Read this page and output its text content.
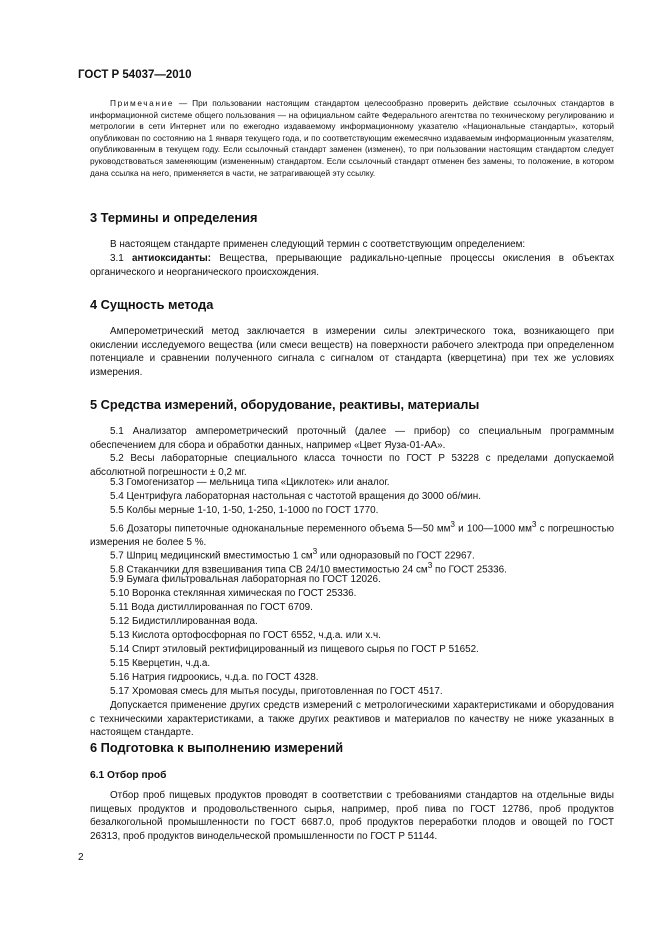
ГОСТ Р 54037—2010

Примечание — При пользовании настоящим стандартом целесообразно проверить действие ссылочных стандартов в информационной системе общего пользования — на официальном сайте Федерального агентства по техническому регулированию и метрологии в сети Интернет или по ежегодно издаваемому информационному указателю «Национальные стандарты», который опубликован по состоянию на 1 января текущего года, и по соответствующим ежемесячно издаваемым информационным указателям, опубликованным в текущем году. Если ссылочный стандарт заменен (изменен), то при пользовании настоящим стандартом следует руководствоваться заменяющим (измененным) стандартом. Если ссылочный стандарт отменен без замены, то положение, в котором дана ссылка на него, применяется в части, не затрагивающей эту ссылку.

3 Термины и определения

В настоящем стандарте применен следующий термин с соответствующим определением:

3.1 антиоксиданты: Вещества, прерывающие радикально-цепные процессы окисления в объектах органического и неорганического происхождения.

4 Сущность метода

Амперометрический метод заключается в измерении силы электрического тока, возникающего при окислении исследуемого вещества (или смеси веществ) на поверхности рабочего электрода при определенном потенциале и сравнении полученного сигнала с сигналом от стандарта (кверцетина) при тех же условиях измерения.

5 Средства измерений, оборудование, реактивы, материалы

5.1 Анализатор амперометрический проточный (далее — прибор) со специальным программным обеспечением для сбора и обработки данных, например «Цвет Яуза-01-АА».

5.2 Весы лабораторные специального класса точности по ГОСТ Р 53228 с пределами допускаемой абсолютной погрешности ± 0,2 мг.

5.3 Гомогенизатор — мельница типа «Циклотек» или аналог.

5.4 Центрифуга лабораторная настольная с частотой вращения до 3000 об/мин.

5.5 Колбы мерные 1-10, 1-50, 1-250, 1-1000 по ГОСТ 1770.

5.6 Дозаторы пипеточные одноканальные переменного объема 5—50 $мм^3$ и 100—1000 $мм^3$ с погрешностью измерения не более 5 %.

5.7 Шприц медицинский вместимостью 1 $см^3$ или одноразовый по ГОСТ 22967.

5.8 Стаканчики для взвешивания типа СВ 24/10 вместимостью 24 $см^3$ по ГОСТ 25336.

5.9 Бумага фильтровальная лабораторная по ГОСТ 12026.

5.10 Воронка стеклянная химическая по ГОСТ 25336.

5.11 Вода дистиллированная по ГОСТ 6709.

5.12 Бидистиллированная вода.

5.13 Кислота ортофосфорная по ГОСТ 6552, ч.д.а. или х.ч.

5.14 Спирт этиловый ректифицированный из пищевого сырья по ГОСТ Р 51652.

5.15 Кверцетин, ч.д.а.

5.16 Натрия гидроокись, ч.д.а. по ГОСТ 4328.

5.17 Хромовая смесь для мытья посуды, приготовленная по ГОСТ 4517.

Допускается применение других средств измерений с метрологическими характеристиками и оборудования с техническими характеристиками, а также других реактивов и материалов по качеству не ниже указанных в настоящем стандарте.

6 Подготовка к выполнению измерений
6.1 Отбор проб

Отбор проб пищевых продуктов проводят в соответствии с требованиями стандартов на отдельные виды пищевых продуктов и продовольственного сырья, например, проб пива по ГОСТ 12786, проб продуктов безалкогольной промышленности по ГОСТ 6687.0, проб продуктов переработки плодов и овощей по ГОСТ 26313, проб продуктов винодельческой промышленности по ГОСТ Р 51144.

2
